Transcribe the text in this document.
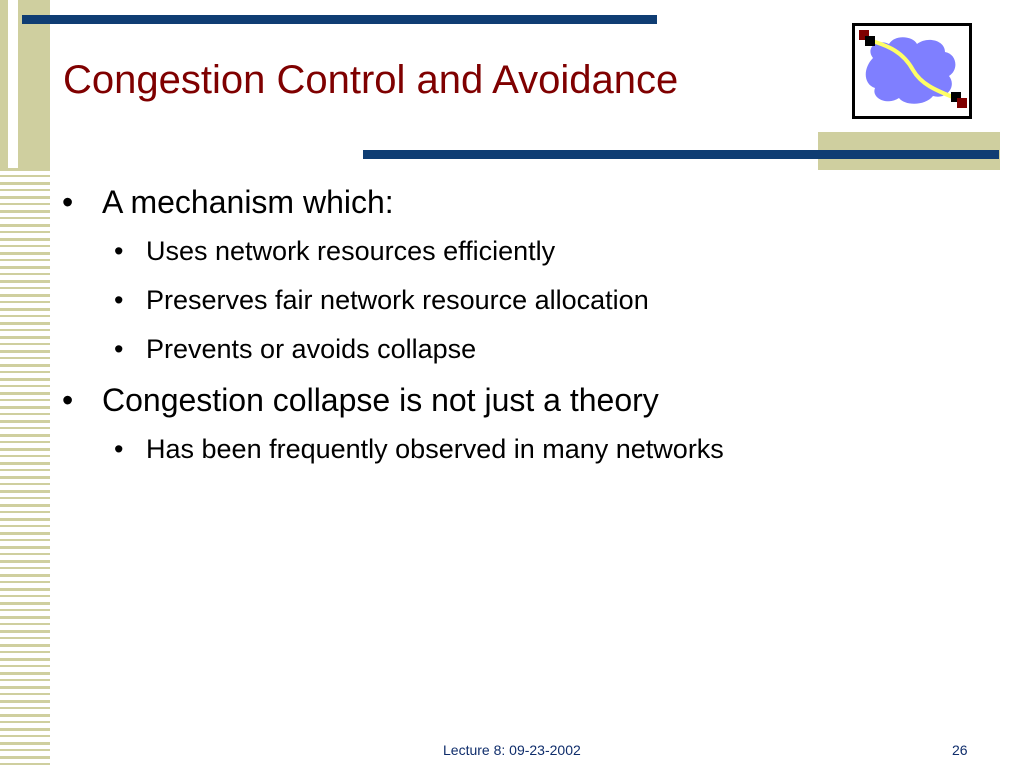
Congestion Control and Avoidance

• A mechanism which:

• Uses network resources efficiently

• Preserves fair network resource allocation

• Prevents or avoids collapse

• Congestion collapse is not just a theory

• Has been frequently observed in many networks

Lecture 8: 09-23-2002	26
